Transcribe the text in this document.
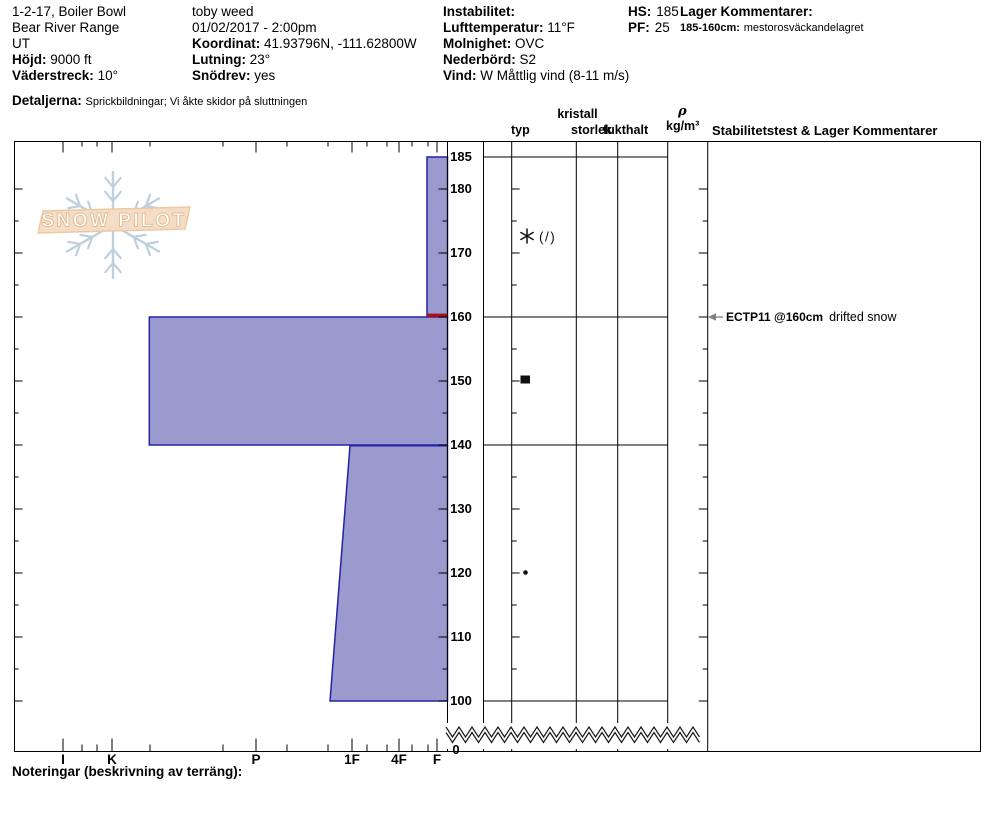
1-2-17, Boiler Bowl
Bear River Range
UT
Höjd: 9000 ft
Väderstreck: 10°
Detaljerna: Sprickbildningar; Vi åkte skidor på sluttningen
toby weed
01/02/2017 - 2:00pm
Koordinat: 41.93796N, -111.62800W
Lutning: 23°
Snödrev: yes
Instabilitet:
Lufttemperatur: 11°F
Molnighet: OVC
Nederbörd: S2
Vind: W Måttlig vind (8-11 m/s)
HS: 185
PF: 25
Lager Kommentarer:
185-160cm: mestorosväckandelagret
kristall
typ	storlek
fukthalt
ρ
kg/m³ Stabilitetstest & Lager Kommentarer
SNOW PILOT
(/)
185
180
170
160
150
140
130
120
110
100
0
I	K	P	1F	4F	F
ECTP11 @160cm drifted snow
Noteringar (beskrivning av terräng):
